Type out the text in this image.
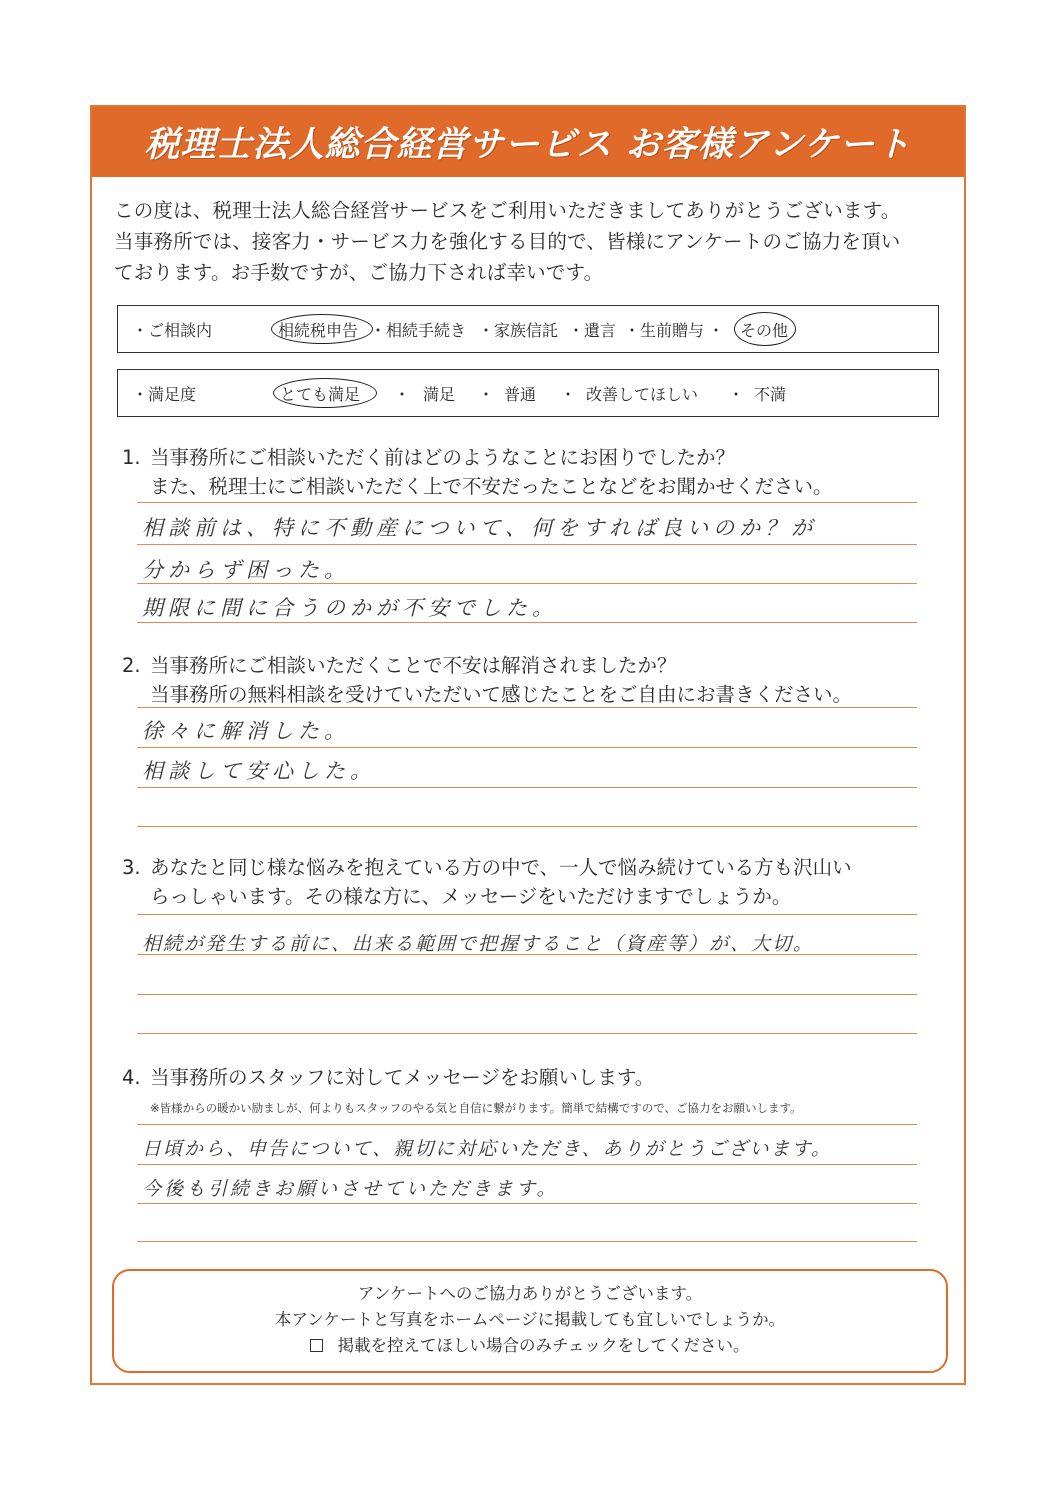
税理士法人総合経営サービス お客様アンケート
この度は、税理士法人総合経営サービスをご利用いただきましてありがとうございます。
当事務所では、接客力・サービス力を強化する目的で、皆様にアンケートのご協力を頂い
ております。お手数ですが、ご協力下されば幸いです。
・ご相談内	相続税申告 ・相続手続き ・家族信託 ・遺言 ・生前贈与 ・ その他
・満足度	とても満足 ・ 満足 ・ 普通 ・ 改善してほしい ・ 不満
1. 当事務所にご相談いただく前はどのようなことにお困りでしたか？
また、税理士にご相談いただく上で不安だったことなどをお聞かせください。
相談前は、特に不動産について、何をすれば良いのか？が
分からず困った。
期限に間に合うのかが不安でした。
2. 当事務所にご相談いただくことで不安は解消されましたか？
当事務所の無料相談を受けていただいて感じたことをご自由にお書きください。
徐々に解消した。
相談して安心した。
3. あなたと同じ様な悩みを抱えている方の中で、一人で悩み続けている方も沢山い
らっしゃいます。その様な方に、メッセージをいただけますでしょうか。
相続が発生する前に、出来る範囲で把握すること（資産等）が、大切。
4. 当事務所のスタッフに対してメッセージをお願いします。
※皆様からの暖かい励ましが、何よりもスタッフのやる気と自信に繋がります。簡単で結構ですので、ご協力をお願いします。
日頃から、申告について、親切に対応いただき、ありがとうございます。
今後も引続きお願いさせていただきます。
アンケートへのご協力ありがとうございます。
本アンケートと写真をホームページに掲載しても宜しいでしょうか。
掲載を控えてほしい場合のみチェックをしてください。
